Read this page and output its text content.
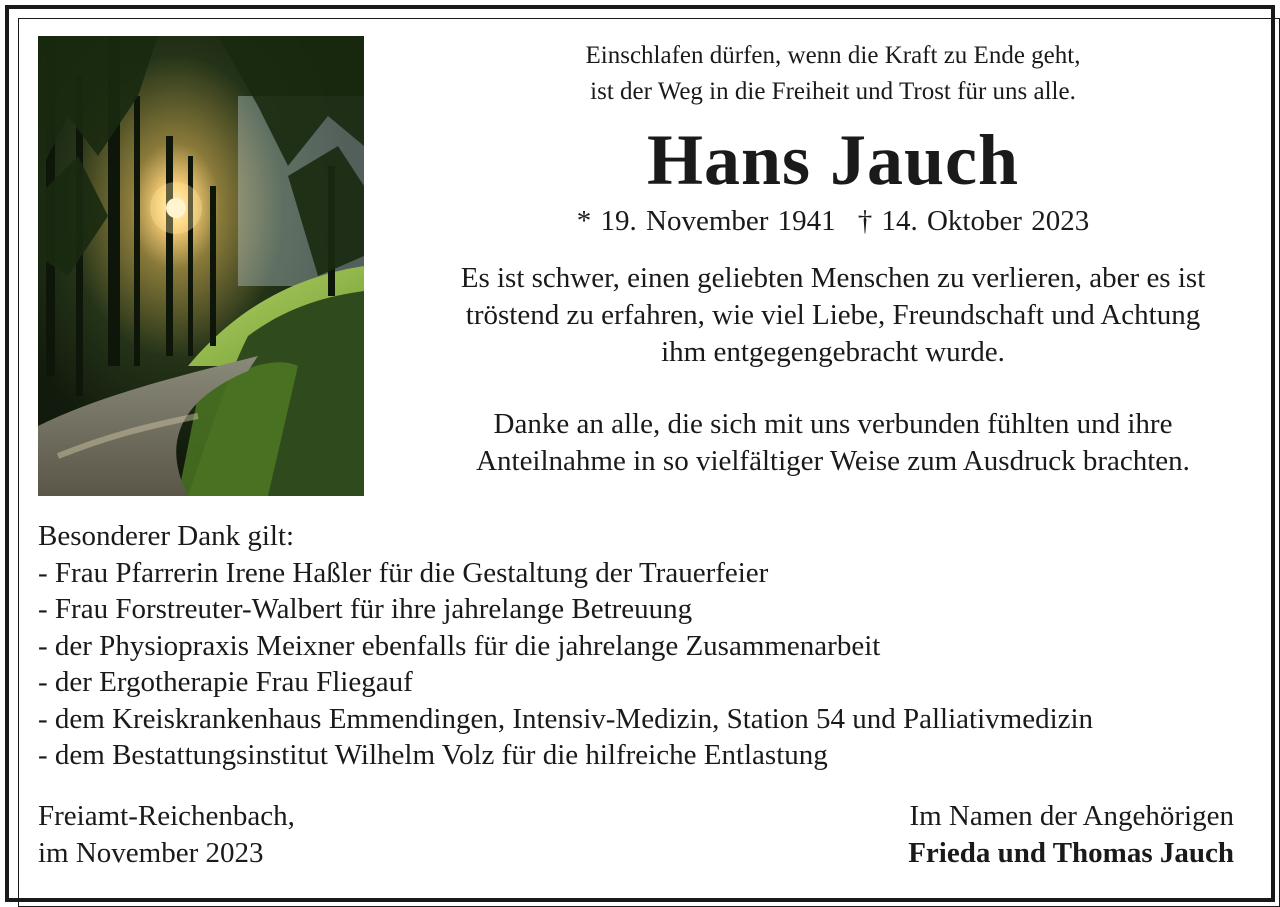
Einschlafen dürfen, wenn die Kraft zu Ende geht,
ist der Weg in die Freiheit und Trost für uns alle.
Hans Jauch
* 19. November 1941 † 14. Oktober 2023
Es ist schwer, einen geliebten Menschen zu verlieren, aber es ist
tröstend zu erfahren, wie viel Liebe, Freundschaft und Achtung
ihm entgegengebracht wurde.
Danke an alle, die sich mit uns verbunden fühlten und ihre
Anteilnahme in so vielfältiger Weise zum Ausdruck brachten.
Besonderer Dank gilt:
- Frau Pfarrerin Irene Haßler für die Gestaltung der Trauerfeier
- Frau Forstreuter-Walbert für ihre jahrelange Betreuung
- der Physiopraxis Meixner ebenfalls für die jahrelange Zusammenarbeit
- der Ergotherapie Frau Fliegauf
- dem Kreiskrankenhaus Emmendingen, Intensiv-Medizin, Station 54 und Palliativmedizin
- dem Bestattungsinstitut Wilhelm Volz für die hilfreiche Entlastung
Freiamt-Reichenbach,
im November 2023
Im Namen der Angehörigen
Frieda und Thomas Jauch
